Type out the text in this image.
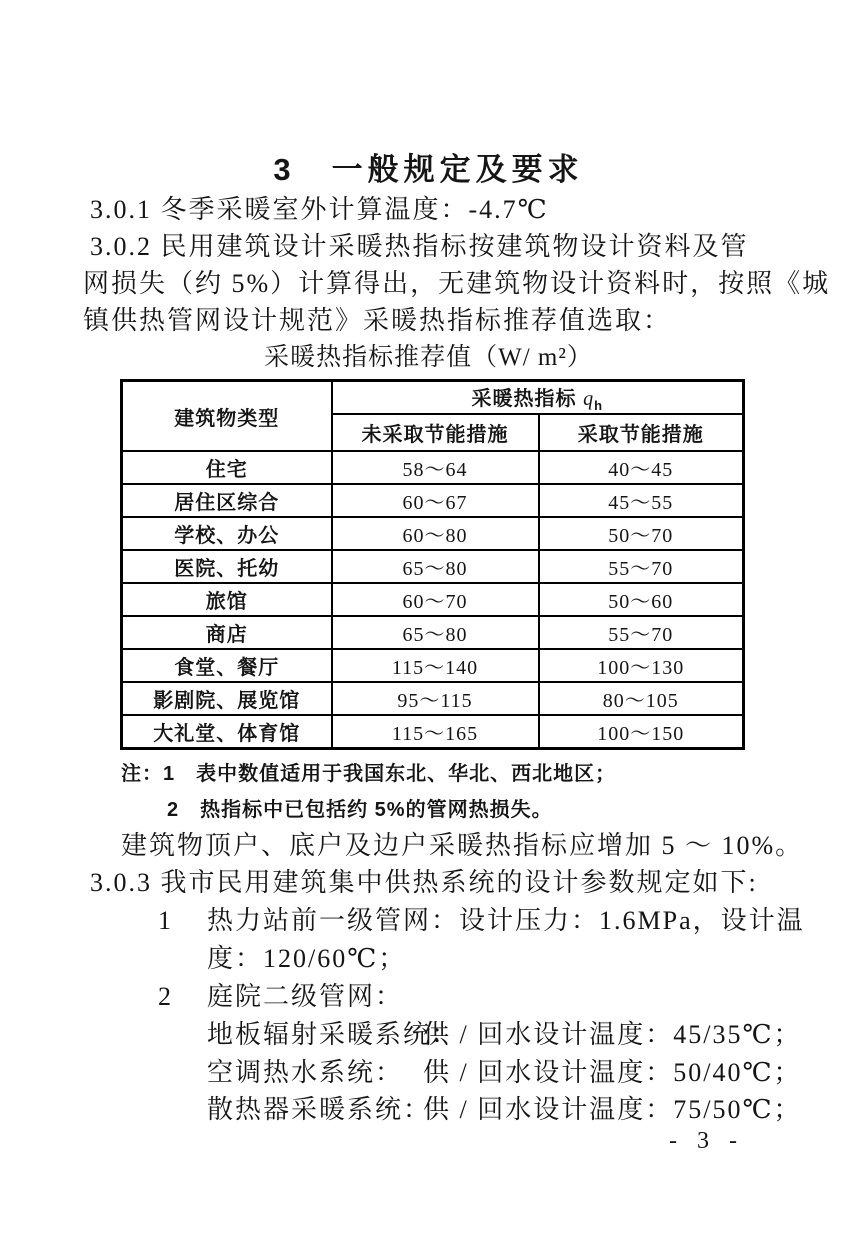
3　一般规定及要求
3.0.1 冬季采暖室外计算温度：-4.7℃
3.0.2 民用建筑设计采暖热指标按建筑物设计资料及管
网损失（约 5%）计算得出，无建筑物设计资料时，按照《城
镇供热管网设计规范》采暖热指标推荐值选取：
采暖热指标推荐值（W/ m²）
建筑物类型	采暖热指标 $q_h$
	未采取节能措施	采取节能措施
住宅	58～64	40～45
居住区综合	60～67	45～55
学校、办公	60～80	50～70
医院、托幼	65～80	55～70
旅馆	60～70	50～60
商店	65～80	55～70
食堂、餐厅	115～140	100～130
影剧院、展览馆	95～115	80～105
大礼堂、体育馆	115～165	100～150
注：1　表中数值适用于我国东北、华北、西北地区；
2　热指标中已包括约 5%的管网热损失。
建筑物顶户、底户及边户采暖热指标应增加 5 ～ 10%。
3.0.3 我市民用建筑集中供热系统的设计参数规定如下:
1 热力站前一级管网：设计压力：1.6MPa，设计温
度：120/60℃；
2 庭院二级管网：
地板辐射采暖系统：
供 / 回水设计温度：45/35℃；
空调热水系统： 供 / 回水设计温度：50/40℃；
散热器采暖系统：
供 / 回水设计温度：75/50℃；
- 3 -
